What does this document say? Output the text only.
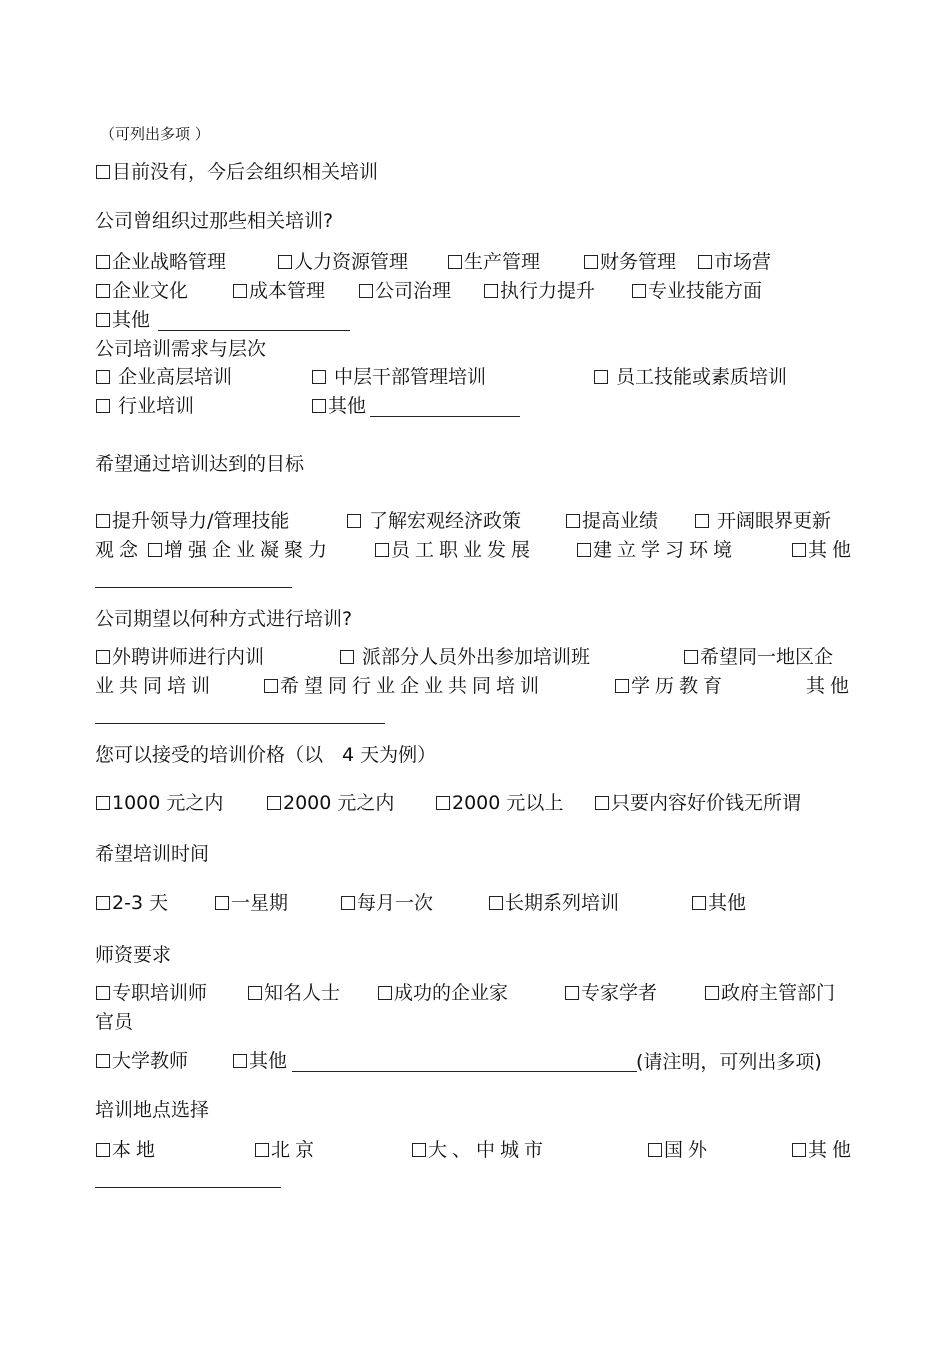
（可列出多项 ）
目前没有，今后会组织相关培训
公司曾组织过那些相关培训?
企业战略管理	人力资源管理	生产管理	财务管理	市场营
企业文化	成本管理	公司治理	执行力提升	专业技能方面
其他
公司培训需求与层次
企业高层培训	中层干部管理培训	员工技能或素质培训
行业培训	其他
希望通过培训达到的目标
提升领导力/管理技能	了解宏观经济政策	提高业绩	开阔眼界更新
观念	增强企业凝聚力	员工职业发展	建立学习环境	其他
公司期望以何种方式进行培训?
外聘讲师进行内训	派部分人员外出参加培训班	希望同一地区企
业共同培训	希望同行业企业共同培训	学历教育	其他
您可以接受的培训价格（以　4 天为例）
1000 元之内	2000 元之内	2000 元以上	只要内容好价钱无所谓
希望培训时间
2-3 天	一星期	每月一次	长期系列培训	其他
师资要求
专职培训师	知名人士	成功的企业家	专家学者	政府主管部门
官员
大学教师	其他	(请注明，可列出多项)
培训地点选择
本地	北京	大、中城市	国外	其他
